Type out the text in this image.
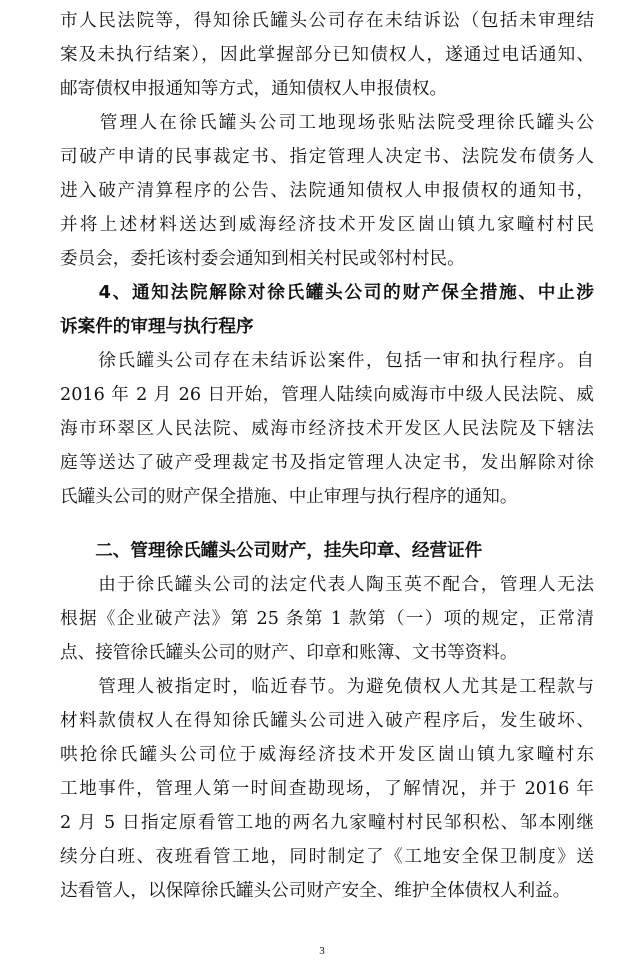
市人民法院等，得知徐氏罐头公司存在未结诉讼（包括未审理结
案及未执行结案），因此掌握部分已知债权人，遂通过电话通知、
邮寄债权申报通知等方式，通知债权人申报债权。
　　管理人在徐氏罐头公司工地现场张贴法院受理徐氏罐头公
司破产申请的民事裁定书、指定管理人决定书、法院发布债务人
进入破产清算程序的公告、法院通知债权人申报债权的通知书，
并将上述材料送达到威海经济技术开发区崮山镇九家疃村村民
委员会，委托该村委会通知到相关村民或邻村村民。
　　4、通知法院解除对徐氏罐头公司的财产保全措施、中止涉
诉案件的审理与执行程序
　　徐氏罐头公司存在未结诉讼案件，包括一审和执行程序。自
2016 年 2 月 26 日开始，管理人陆续向威海市中级人民法院、威
海市环翠区人民法院、威海市经济技术开发区人民法院及下辖法
庭等送达了破产受理裁定书及指定管理人决定书，发出解除对徐
氏罐头公司的财产保全措施、中止审理与执行程序的通知。
　　二、管理徐氏罐头公司财产，挂失印章、经营证件
　　由于徐氏罐头公司的法定代表人陶玉英不配合，管理人无法
根据《企业破产法》第 25 条第 1 款第（一）项的规定，正常清
点、接管徐氏罐头公司的财产、印章和账簿、文书等资料。
　　管理人被指定时，临近春节。为避免债权人尤其是工程款与
材料款债权人在得知徐氏罐头公司进入破产程序后，发生破坏、
哄抢徐氏罐头公司位于威海经济技术开发区崮山镇九家疃村东
工地事件，管理人第一时间查勘现场，了解情况，并于 2016 年
2 月 5 日指定原看管工地的两名九家疃村村民邹积松、邹本刚继
续分白班、夜班看管工地，同时制定了《工地安全保卫制度》送
达看管人，以保障徐氏罐头公司财产安全、维护全体债权人利益。
3
